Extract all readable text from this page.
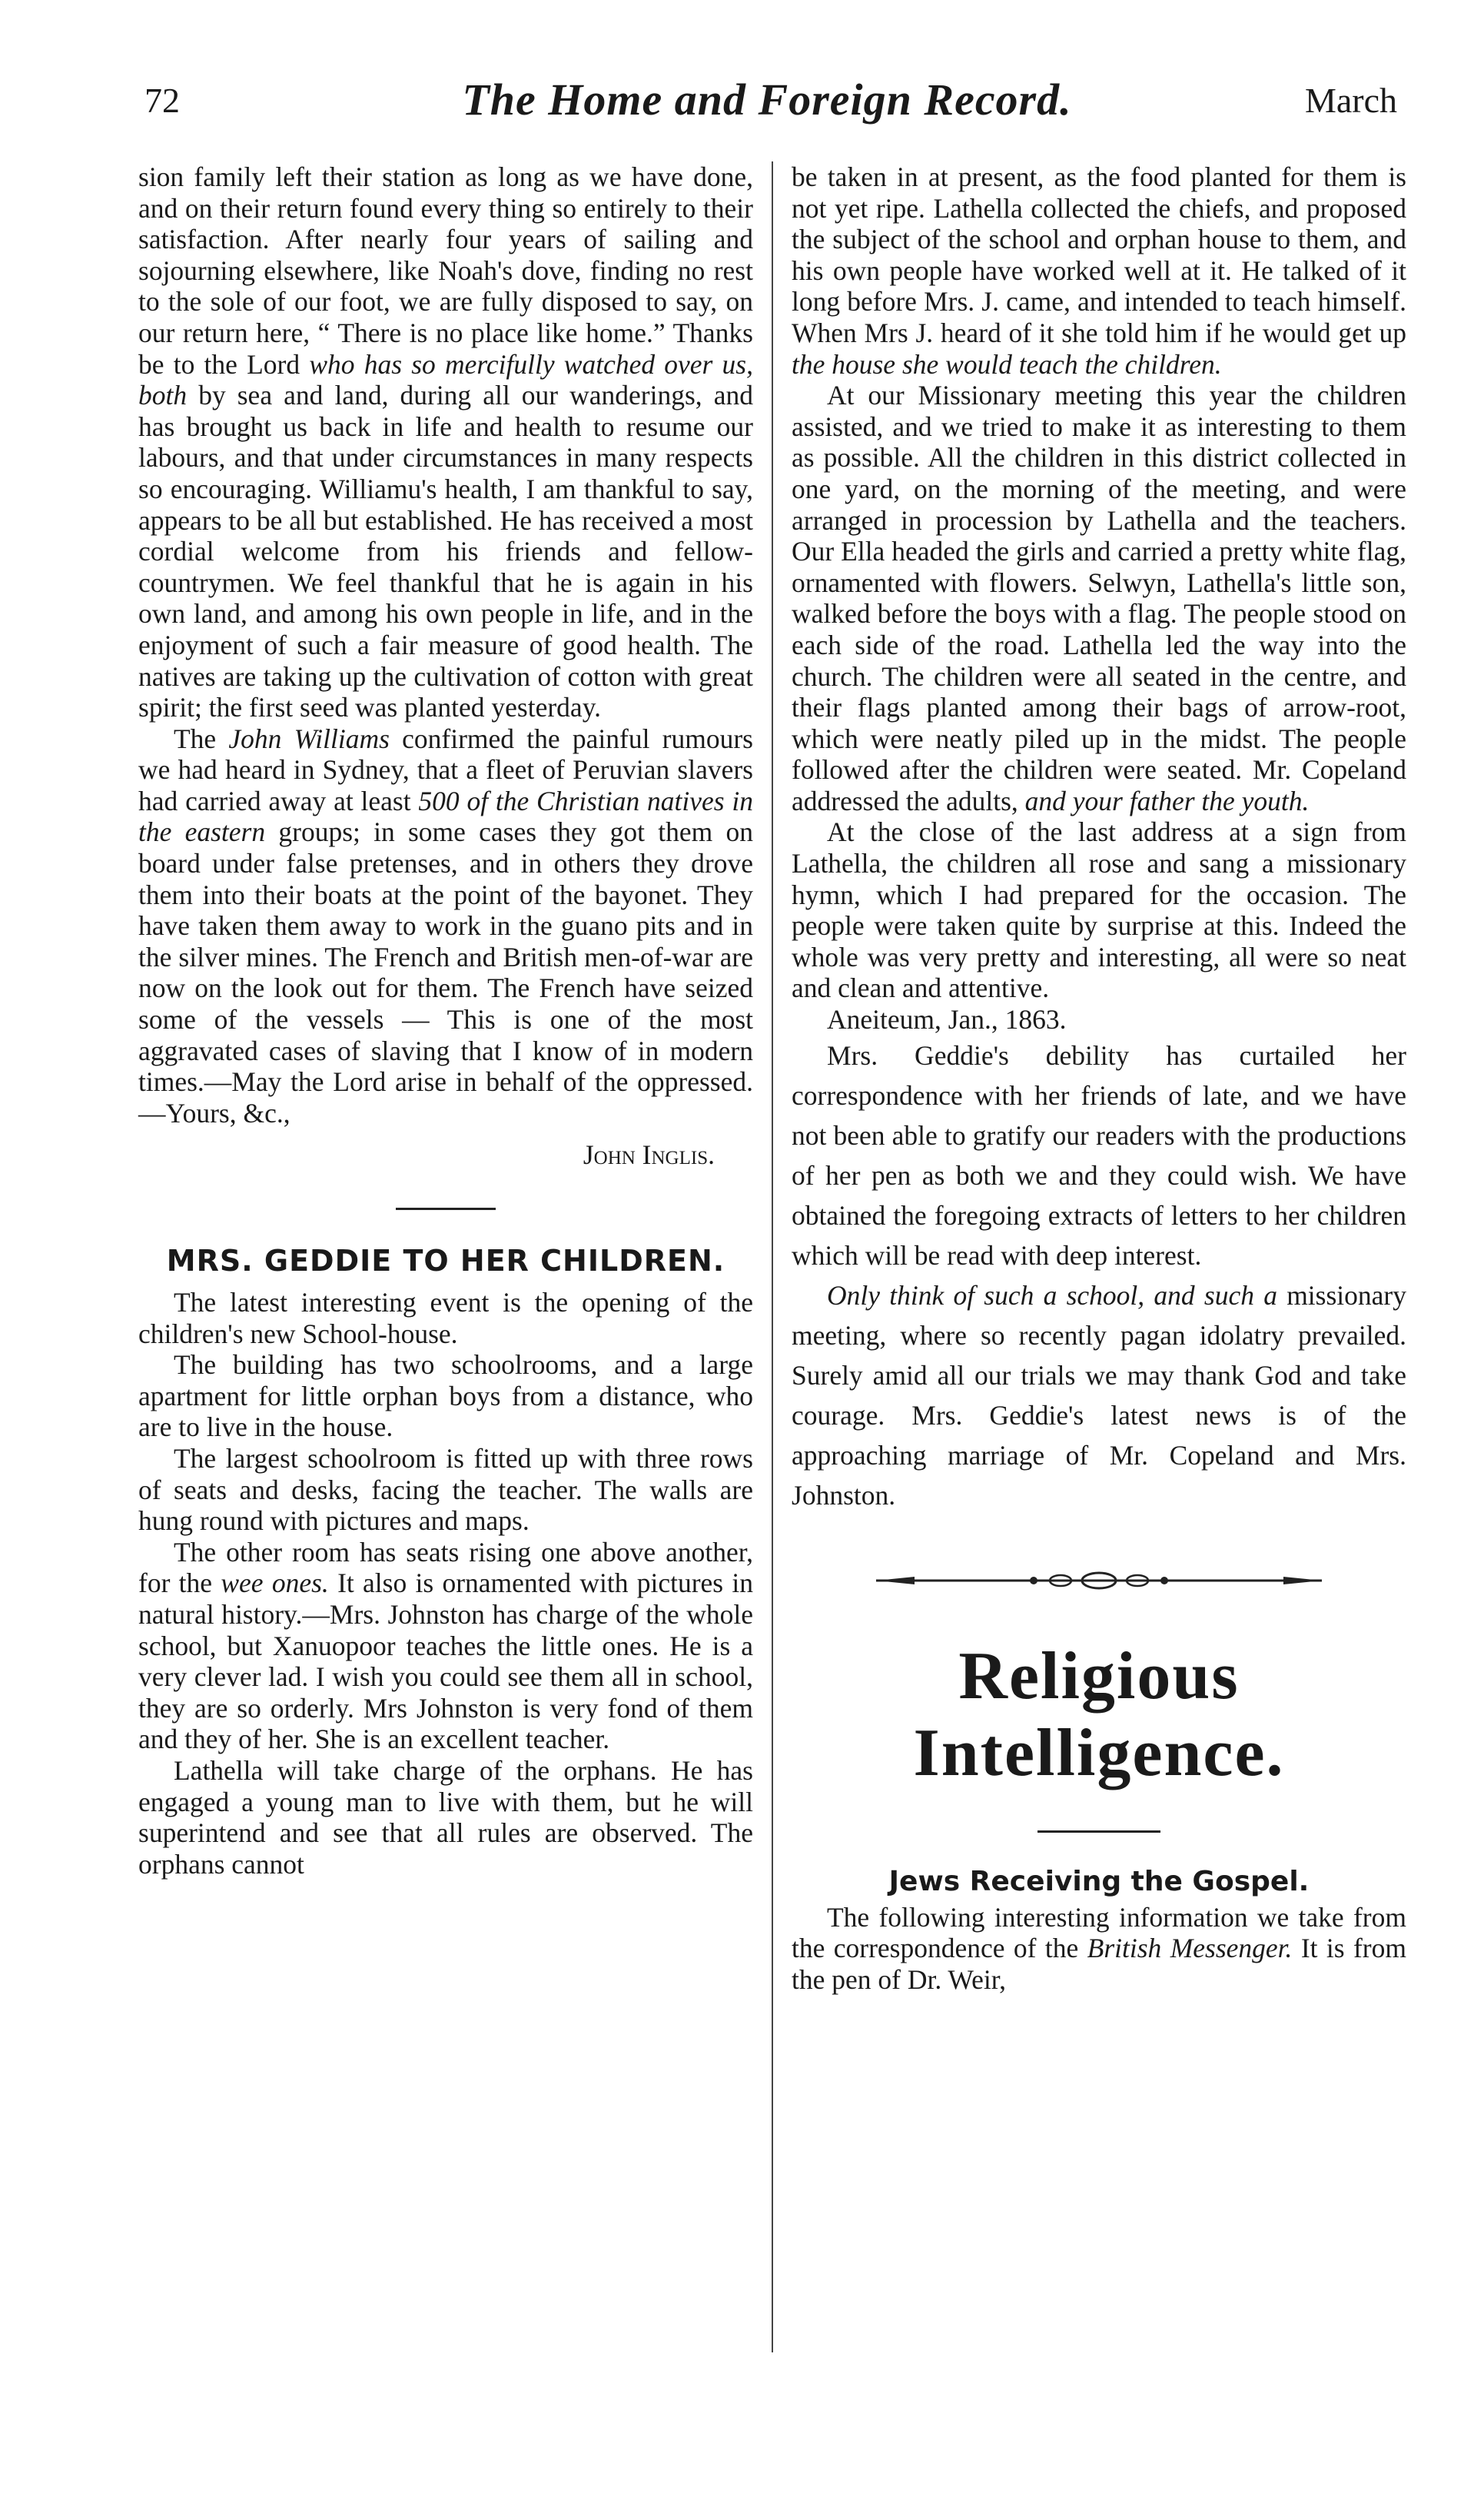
72	The Home and Foreign Record.	March

sion family left their station as long as we have done, and on their return found every thing so entirely to their satisfaction. After nearly four years of sailing and sojourning elsewhere, like Noah's dove, finding no rest to the sole of our foot, we are fully disposed to say, on our return here, “ There is no place like home.” Thanks be to the Lord who has so mercifully watched over us, both by sea and land, during all our wanderings, and has brought us back in life and health to resume our labours, and that under circumstances in many respects so encouraging. Williamu's health, I am thankful to say, appears to be all but established. He has received a most cordial welcome from his friends and fellow-countrymen. We feel thankful that he is again in his own land, and among his own people in life, and in the enjoyment of such a fair measure of good health. The natives are taking up the cultivation of cotton with great spirit; the first seed was planted yesterday.

The John Williams confirmed the painful rumours we had heard in Sydney, that a fleet of Peruvian slavers had carried away at least 500 of the Christian natives in the eastern groups; in some cases they got them on board under false pretenses, and in others they drove them into their boats at the point of the bayonet. They have taken them away to work in the guano pits and in the silver mines. The French and British men-of-war are now on the look out for them. The French have seized some of the vessels — This is one of the most aggravated cases of slaving that I know of in modern times.—May the Lord arise in behalf of the oppressed.—Yours, &c.,

John Inglis.

MRS. GEDDIE TO HER CHILDREN.

The latest interesting event is the opening of the children's new School-house.

The building has two schoolrooms, and a large apartment for little orphan boys from a distance, who are to live in the house.

The largest schoolroom is fitted up with three rows of seats and desks, facing the teacher. The walls are hung round with pictures and maps.

The other room has seats rising one above another, for the wee ones. It also is ornamented with pictures in natural history.—Mrs. Johnston has charge of the whole school, but Xanuopoor teaches the little ones. He is a very clever lad. I wish you could see them all in school, they are so orderly. Mrs Johnston is very fond of them and they of her. She is an excellent teacher.

Lathella will take charge of the orphans. He has engaged a young man to live with them, but he will superintend and see that all rules are observed. The orphans cannot

be taken in at present, as the food planted for them is not yet ripe. Lathella collected the chiefs, and proposed the subject of the school and orphan house to them, and his own people have worked well at it. He talked of it long before Mrs. J. came, and intended to teach himself. When Mrs J. heard of it she told him if he would get up the house she would teach the children.

At our Missionary meeting this year the children assisted, and we tried to make it as interesting to them as possible. All the children in this district collected in one yard, on the morning of the meeting, and were arranged in procession by Lathella and the teachers. Our Ella headed the girls and carried a pretty white flag, ornamented with flowers. Selwyn, Lathella's little son, walked before the boys with a flag. The people stood on each side of the road. Lathella led the way into the church. The children were all seated in the centre, and their flags planted among their bags of arrow-root, which were neatly piled up in the midst. The people followed after the children were seated. Mr. Copeland addressed the adults, and your father the youth.

At the close of the last address at a sign from Lathella, the children all rose and sang a missionary hymn, which I had prepared for the occasion. The people were taken quite by surprise at this. Indeed the whole was very pretty and interesting, all were so neat and clean and attentive.

Aneiteum, Jan., 1863.

Mrs. Geddie's debility has curtailed her correspondence with her friends of late, and we have not been able to gratify our readers with the productions of her pen as both we and they could wish. We have obtained the foregoing extracts of letters to her children which will be read with deep interest.

Only think of such a school, and such a missionary meeting, where so recently pagan idolatry prevailed. Surely amid all our trials we may thank God and take courage. Mrs. Geddie's latest news is of the approaching marriage of Mr. Copeland and Mrs. Johnston.

Religious Intelligence.
Jews Receiving the Gospel.

The following interesting information we take from the correspondence of the British Messenger. It is from the pen of Dr. Weir,
